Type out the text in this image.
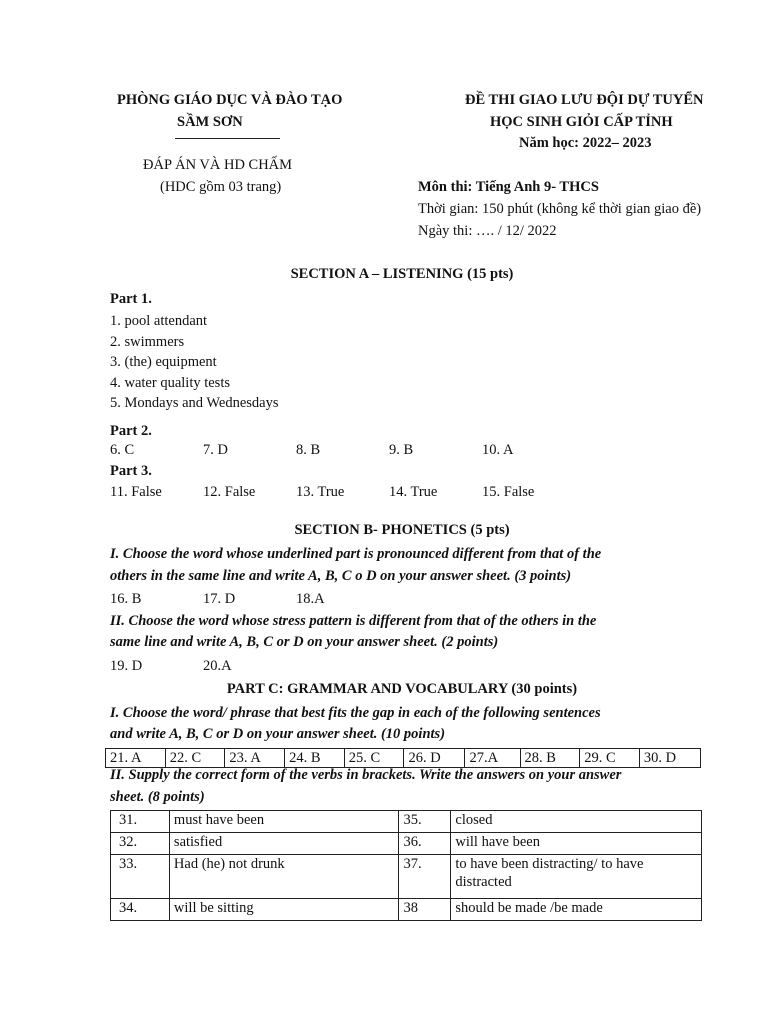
PHÒNG GIÁO DỤC VÀ ĐÀO TẠO
SẦM SƠN
ĐÁP ÁN VÀ HD CHẤM
(HDC gồm 03 trang)
ĐỀ THI GIAO LƯU ĐỘI DỰ TUYỂN
HỌC SINH GIỎI CẤP TỈNH
Năm học: 2022– 2023
Môn thi: Tiếng Anh 9- THCS
Thời gian: 150 phút (không kể thời gian giao đề)
Ngày thi: …. / 12/ 2022
SECTION A – LISTENING (15 pts)
Part 1.
1. pool attendant
2. swimmers
3. (the) equipment
4. water quality tests
5. Mondays and Wednesdays
Part 2.
6. C	7. D	8. B	9. B	10. A
Part 3.
11. False	12. False	13. True	14. True	15. False
SECTION B- PHONETICS (5 pts)
I. Choose the word whose underlined part is pronounced different from that of the
others in the same line and write A, B, C o D on your answer sheet. (3 points)
16. B	17. D	18.A
II. Choose the word whose stress pattern is different from that of the others in the
same line and write A, B, C or D on your answer sheet. (2 points)
19. D	20.A
PART C: GRAMMAR AND VOCABULARY (30 points)
I. Choose the word/ phrase that best fits the gap in each of the following sentences
and write A, B, C or D on your answer sheet. (10 points)
21. A	22. C	23. A	24. B	25. C	26. D	27.A	28. B	29. C	30. D
II. Supply the correct form of the verbs in brackets. Write the answers on your answer
sheet. (8 points)
31.	must have been	35.	closed
32.	satisfied	36.	will have been
33.	Had (he) not drunk	37.	to have been distracting/ to have distracted
34.	will be sitting	38	should be made /be made
